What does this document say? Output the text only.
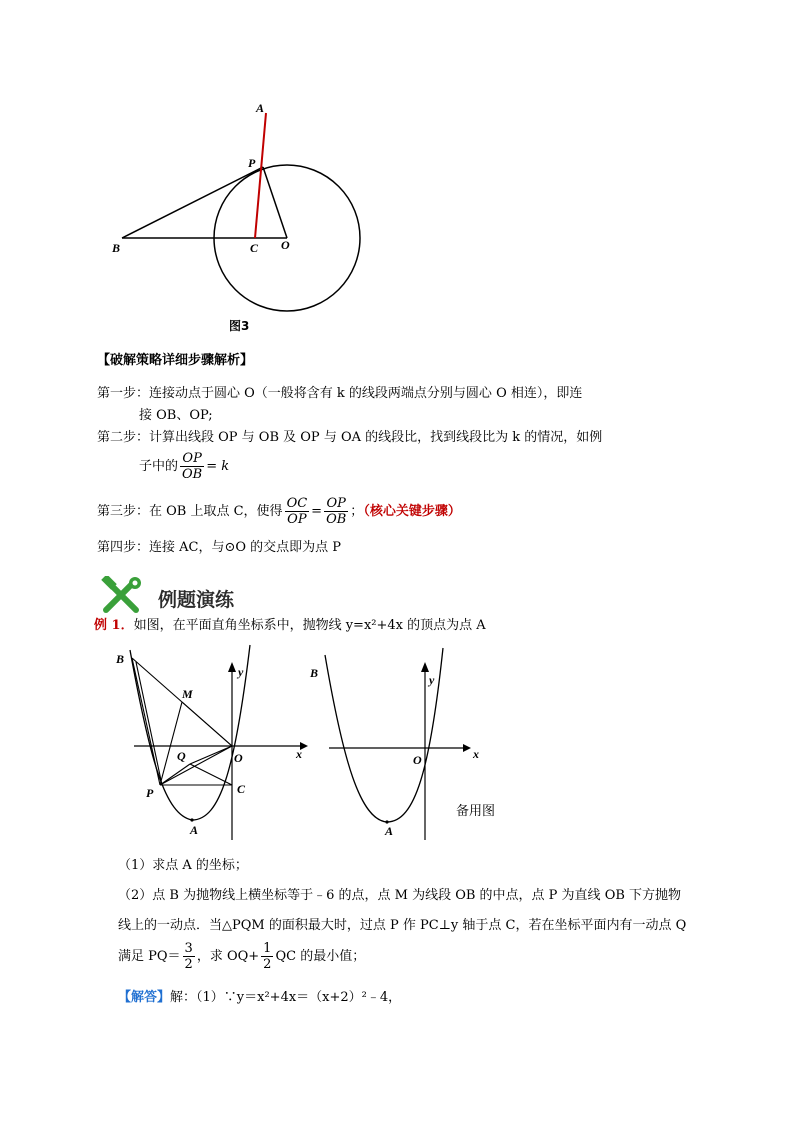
A
P
B	C O
图3
【破解策略详细步骤解析】
第一步：连接动点于圆心 O（一般将含有 k 的线段两端点分别与圆心 O 相连），即连
接 OB、OP;
第二步：计算出线段 OP 与 OB 及 OP 与 OA 的线段比，找到线段比为 k 的情况，如例
子中的 $\frac{OP}{OB} = k$
第三步：在 OB 上取点 C，使得 $\frac{OC}{OP} = \frac{OP}{OB}$ ；（核心关键步骤）
第四步：连接 AC，与⊙O 的交点即为点 P
例题演练
例 1．如图，在平面直角坐标系中，抛物线 y=x²+4x 的顶点为点 A
B
M
y
x
Q	O
P	C
A
B	y
x
O
A
备用图
（1）求点 A 的坐标；
（2）点 B 为抛物线上横坐标等于﹣6 的点，点 M 为线段 OB 的中点，点 P 为直线 OB 下方抛物
线上的一动点．当△PQM 的面积最大时，过点 P 作 PC⊥y 轴于点 C，若在坐标平面内有一动点 Q
满足 $PQ= \frac{3}{2}$ ，求 $OQ+ \frac{1}{2}$ QC 的最小值；
【解答】解：（1）∵y＝x²+4x＝（x+2）²﹣4，
